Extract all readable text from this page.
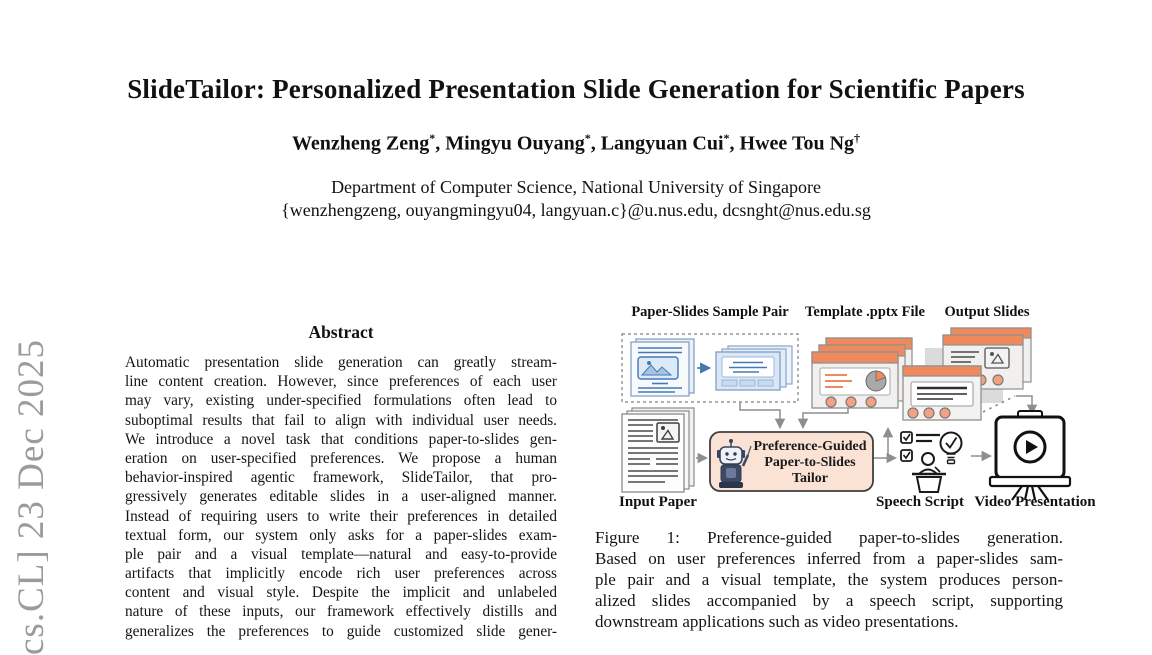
cs.CL] 23 Dec 2025
SlideTailor: Personalized Presentation Slide Generation for Scientific Papers
Wenzheng Zeng*, Mingyu Ouyang*, Langyuan Cui*, Hwee Tou Ng†
Department of Computer Science, National University of Singapore
{wenzhengzeng, ouyangmingyu04, langyuan.c}@u.nus.edu, dcsnght@nus.edu.sg
Abstract
Automatic presentation slide generation can greatly stream-
line content creation. However, since preferences of each user
may vary, existing under-specified formulations often lead to
suboptimal results that fail to align with individual user needs.
We introduce a novel task that conditions paper-to-slides gen-
eration on user-specified preferences. We propose a human
behavior-inspired agentic framework, SlideTailor, that pro-
gressively generates editable slides in a user-aligned manner.
Instead of requiring users to write their preferences in detailed
textual form, our system only asks for a paper-slides exam-
ple pair and a visual template—natural and easy-to-provide
artifacts that implicitly encode rich user preferences across
content and visual style. Despite the implicit and unlabeled
nature of these inputs, our framework effectively distills and
generalizes the preferences to guide customized slide gener-
Paper-Slides Sample Pair Template .pptx File Output Slides
Input Paper
Preference-Guided
Paper-to-Slides
Tailor
Speech Script Video Presentation
Figure 1: Preference-guided paper-to-slides generation.
Based on user preferences inferred from a paper-slides sam-
ple pair and a visual template, the system produces person-
alized slides accompanied by a speech script, supporting
downstream applications such as video presentations.
